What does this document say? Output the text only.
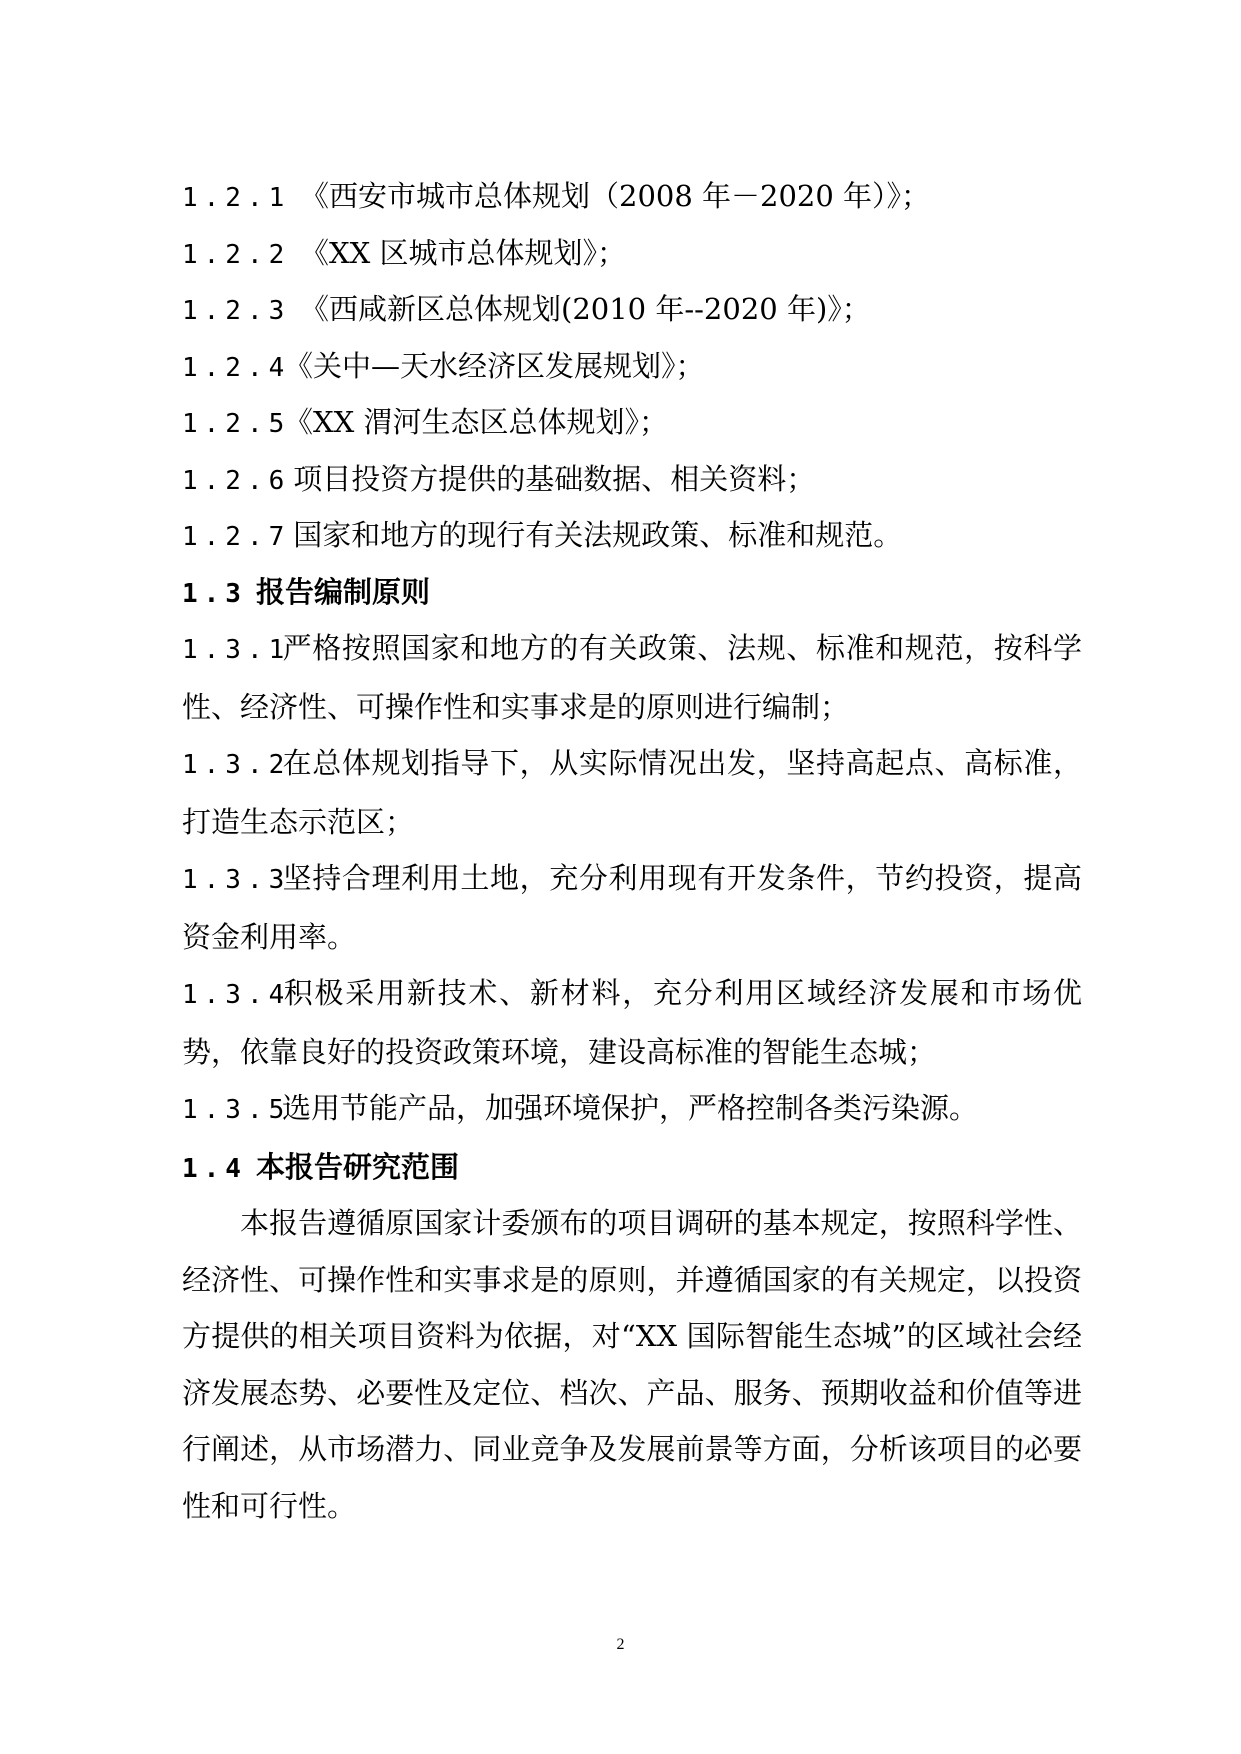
1.2.1 《西安市城市总体规划（2008 年－2020 年）》；
1.2.2 《XX 区城市总体规划》；
1.2.3 《西咸新区总体规划(2010 年--2020 年)》；
1.2.4《关中—天水经济区发展规划》；
1.2.5《XX 渭河生态区总体规划》；
1.2.6 项目投资方提供的基础数据、相关资料；
1.2.7 国家和地方的现行有关法规政策、标准和规范。
1.3 报告编制原则
1.3.1严格按照国家和地方的有关政策、法规、标准和规范，按科学性、经济性、可操作性和实事求是的原则进行编制；
1.3.2在总体规划指导下，从实际情况出发，坚持高起点、高标准，打造生态示范区；
1.3.3坚持合理利用土地，充分利用现有开发条件，节约投资，提高资金利用率。
1.3.4积极采用新技术、新材料，充分利用区域经济发展和市场优势，依靠良好的投资政策环境，建设高标准的智能生态城；
1.3.5选用节能产品，加强环境保护，严格控制各类污染源。
1.4 本报告研究范围
本报告遵循原国家计委颁布的项目调研的基本规定，按照科学性、经济性、可操作性和实事求是的原则，并遵循国家的有关规定，以投资方提供的相关项目资料为依据，对“XX 国际智能生态城”的区域社会经济发展态势、必要性及定位、档次、产品、服务、预期收益和价值等进行阐述，从市场潜力、同业竞争及发展前景等方面，分析该项目的必要性和可行性。
2
